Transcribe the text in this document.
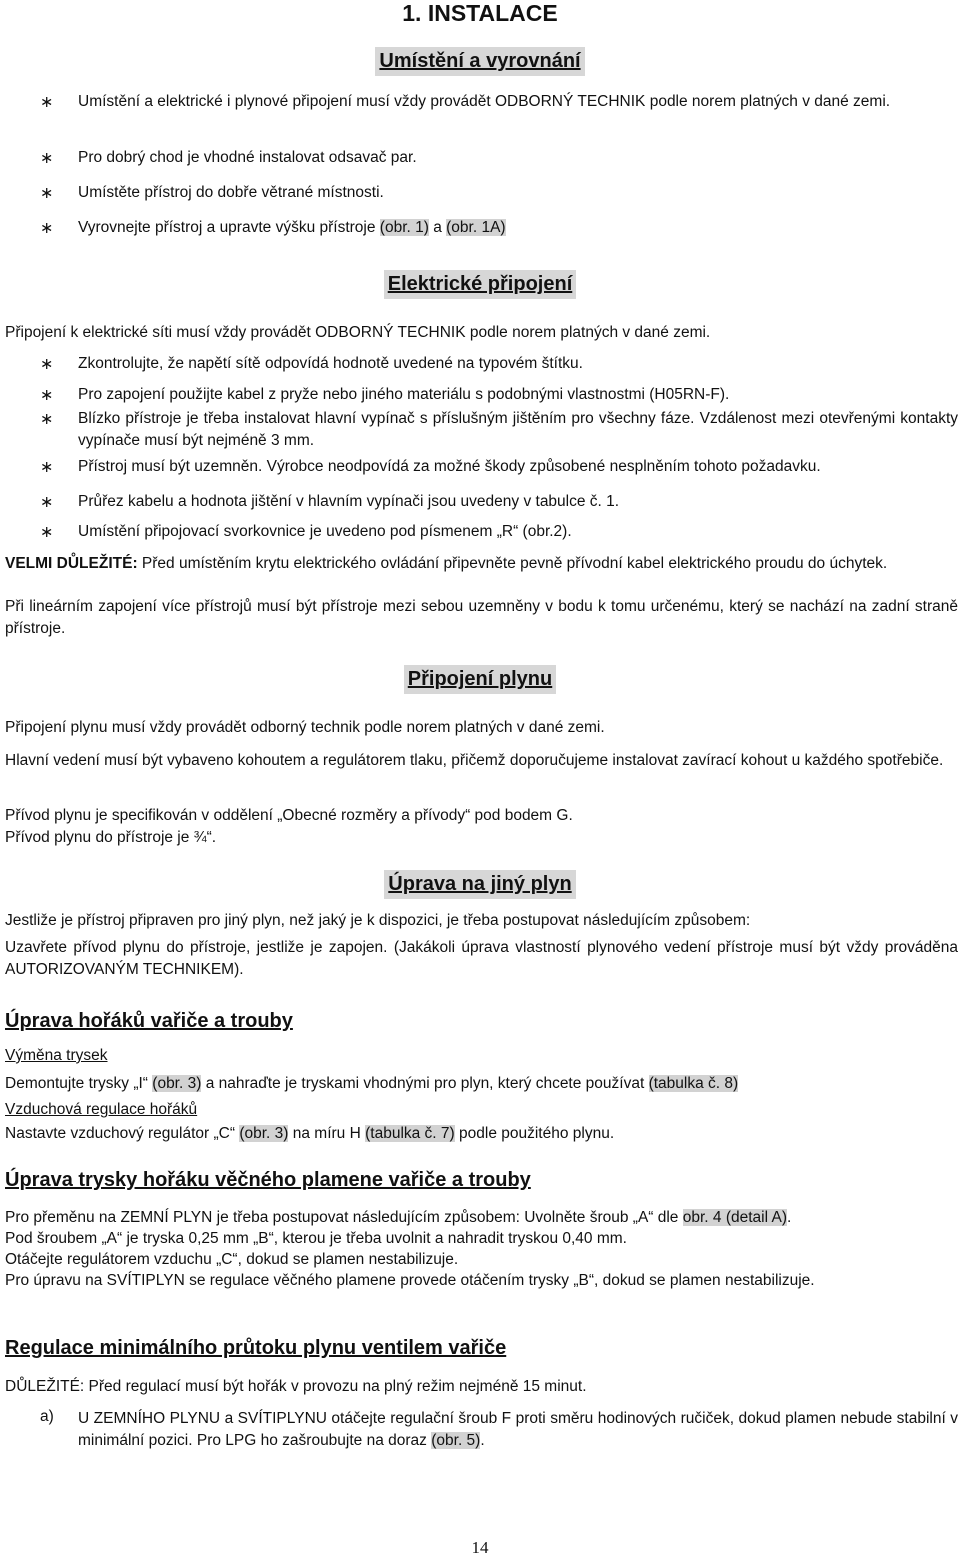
1. INSTALACE
Umístění a vyrovnání
∗ Umístění a elektrické i plynové připojení musí vždy provádět ODBORNÝ TECHNIK podle norem platných v dané zemi.
∗ Pro dobrý chod je vhodné instalovat odsavač par.
∗ Umístěte přístroj do dobře větrané místnosti.
∗ Vyrovnejte přístroj a upravte výšku přístroje (obr. 1) a (obr. 1A)
Elektrické připojení
Připojení k elektrické síti musí vždy provádět ODBORNÝ TECHNIK podle norem platných v dané zemi.
∗ Zkontrolujte, že napětí sítě odpovídá hodnotě uvedené na typovém štítku.
∗ Pro zapojení použijte kabel z pryže nebo jiného materiálu s podobnými vlastnostmi (H05RN-F).
∗ Blízko přístroje je třeba instalovat hlavní vypínač s příslušným jištěním pro všechny fáze. Vzdálenost mezi otevřenými kontakty vypínače musí být nejméně 3 mm.
∗ Přístroj musí být uzemněn. Výrobce neodpovídá za možné škody způsobené nesplněním tohoto požadavku.
∗ Průřez kabelu a hodnota jištění v hlavním vypínači jsou uvedeny v tabulce č. 1.
∗ Umístění připojovací svorkovnice je uvedeno pod písmenem „R“ (obr.2).
VELMI DŮLEŽITÉ: Před umístěním krytu elektrického ovládání připevněte pevně přívodní kabel elektrického proudu do úchytek.
Při lineárním zapojení více přístrojů musí být přístroje mezi sebou uzemněny v bodu k tomu určenému, který se nachází na zadní straně přístroje.
Připojení plynu
Připojení plynu musí vždy provádět odborný technik podle norem platných v dané zemi.
Hlavní vedení musí být vybaveno kohoutem a regulátorem tlaku, přičemž doporučujeme instalovat zavírací kohout u každého spotřebiče.
Přívod plynu je specifikován v oddělení „Obecné rozměry a přívody“ pod bodem G.
Přívod plynu do přístroje je ¾“.
Úprava na jiný plyn
Jestliže je přístroj připraven pro jiný plyn, než jaký je k dispozici, je třeba postupovat následujícím způsobem:
Uzavřete přívod plynu do přístroje, jestliže je zapojen. (Jakákoli úprava vlastností plynového vedení přístroje musí být vždy prováděna AUTORIZOVANÝM TECHNIKEM).
Úprava hořáků vařiče a trouby
Výměna trysek
Demontujte trysky „I“ (obr. 3) a nahraďte je tryskami vhodnými pro plyn, který chcete používat (tabulka č. 8)
Vzduchová regulace hořáků
Nastavte vzduchový regulátor „C“ (obr. 3) na míru H (tabulka č. 7) podle použitého plynu.
Úprava trysky hořáku věčného plamene vařiče a trouby
Pro přeměnu na ZEMNÍ PLYN je třeba postupovat následujícím způsobem: Uvolněte šroub „A“ dle obr. 4 (detail A).
Pod šroubem „A“ je tryska 0,25 mm „B“, kterou je třeba uvolnit a nahradit tryskou 0,40 mm.
Otáčejte regulátorem vzduchu „C“, dokud se plamen nestabilizuje.
Pro úpravu na SVÍTIPLYN se regulace věčného plamene provede otáčením trysky „B“, dokud se plamen nestabilizuje.
Regulace minimálního průtoku plynu ventilem vařiče
DŮLEŽITÉ: Před regulací musí být hořák v provozu na plný režim nejméně 15 minut.
a) U ZEMNÍHO PLYNU a SVÍTIPLYNU otáčejte regulační šroub F proti směru hodinových ručiček, dokud plamen nebude stabilní v minimální pozici. Pro LPG ho zašroubujte na doraz (obr. 5).
14
